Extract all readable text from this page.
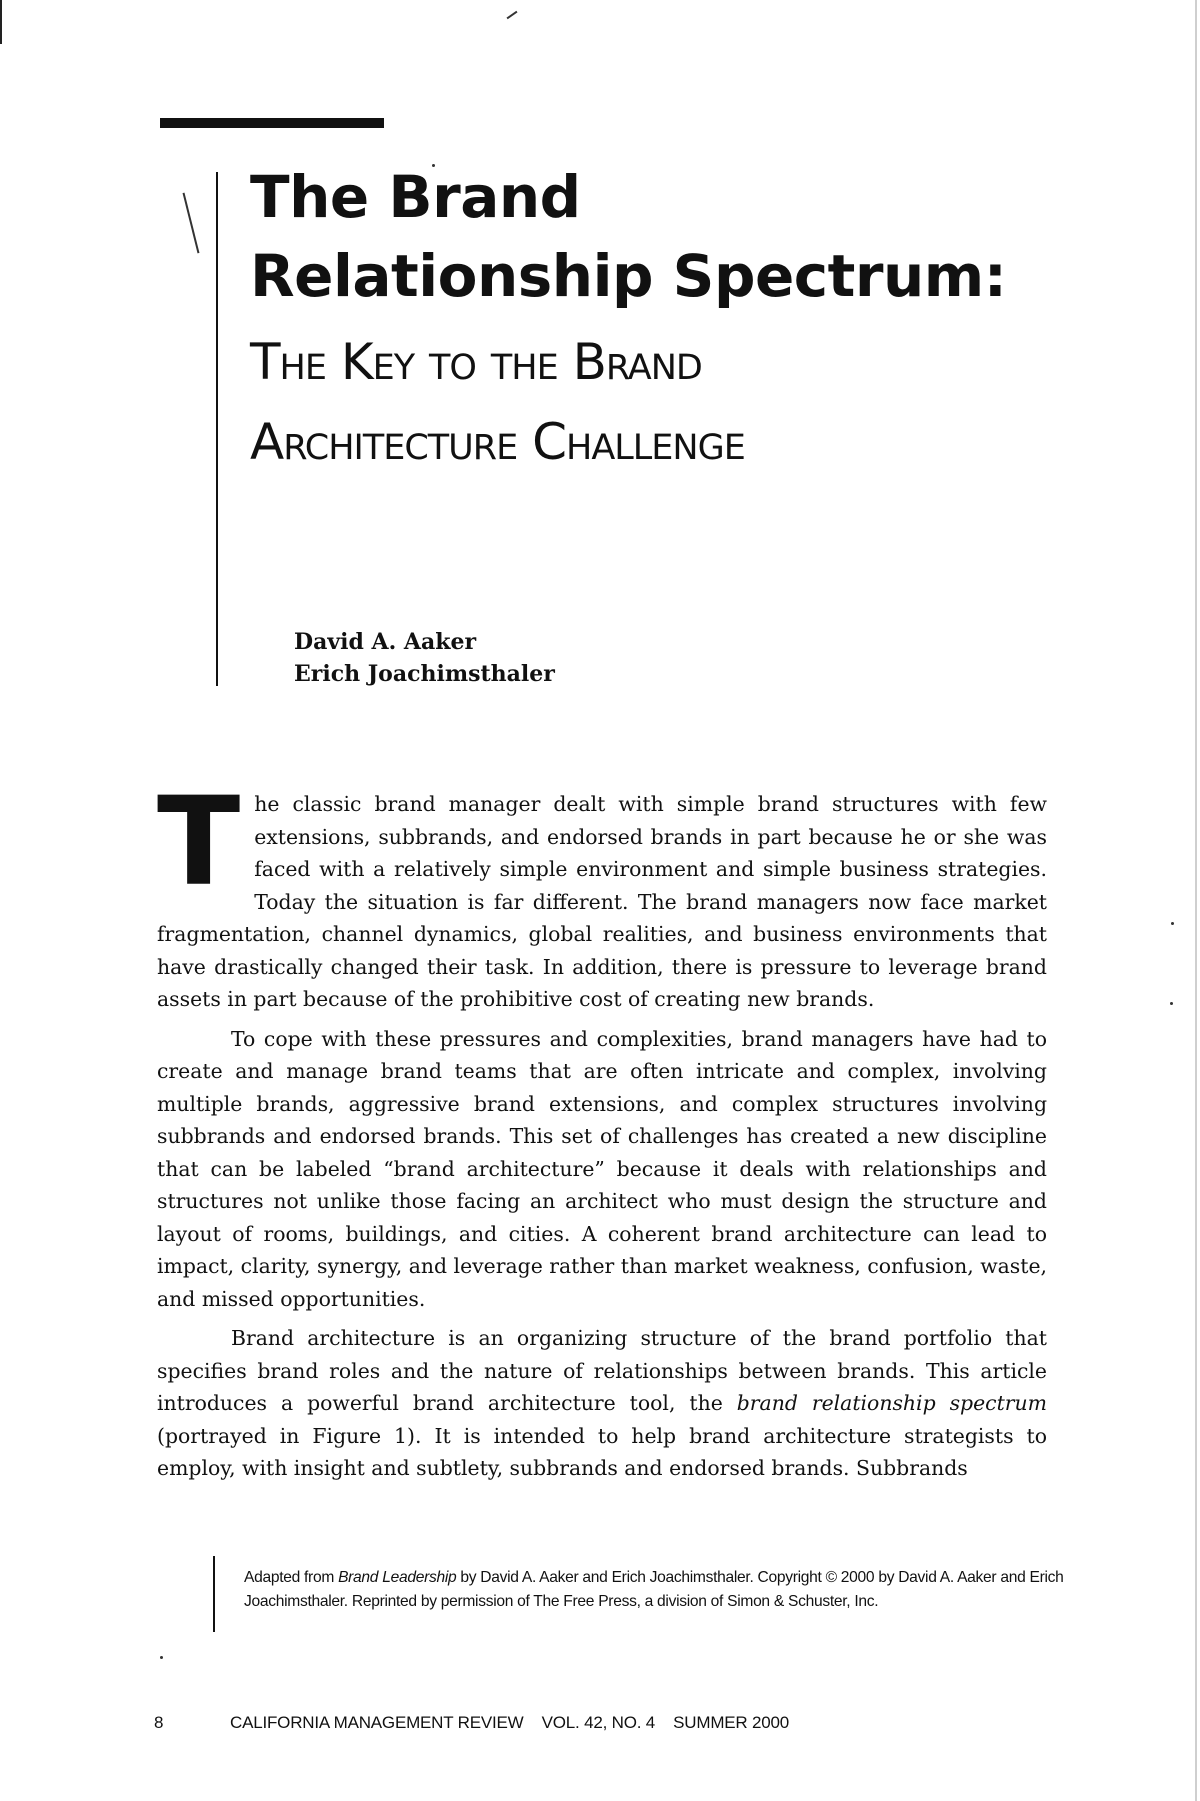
The Brand
Relationship Spectrum:
The Key to the Brand
Architecture Challenge
David A. Aaker
Erich Joachimsthaler

The classic brand manager dealt with simple brand structures with few extensions, subbrands, and endorsed brands in part because he or she was faced with a relatively simple environment and simple business strategies. Today the situation is far different. The brand managers now face market fragmentation, channel dynamics, global realities, and business environments that have drastically changed their task. In addition, there is pressure to leverage brand assets in part because of the prohibitive cost of creating new brands.

To cope with these pressures and complexities, brand managers have had to create and manage brand teams that are often intricate and complex, involving multiple brands, aggressive brand extensions, and complex structures involving subbrands and endorsed brands. This set of challenges has created a new discipline that can be labeled “brand architecture” because it deals with relationships and structures not unlike those facing an architect who must design the structure and layout of rooms, buildings, and cities. A coherent brand architecture can lead to impact, clarity, synergy, and leverage rather than market weakness, confusion, waste, and missed opportunities.

Brand architecture is an organizing structure of the brand portfolio that specifies brand roles and the nature of relationships between brands. This article introduces a powerful brand architecture tool, the brand relationship spectrum (portrayed in Figure 1). It is intended to help brand architecture strategists to employ, with insight and subtlety, subbrands and endorsed brands. Subbrands

Adapted from Brand Leadership by David A. Aaker and Erich Joachimsthaler. Copyright © 2000 by David A. Aaker and Erich Joachimsthaler. Reprinted by permission of The Free Press, a division of Simon & Schuster, Inc.
8	CALIFORNIA MANAGEMENT REVIEW VOL. 42, NO. 4 SUMMER 2000
